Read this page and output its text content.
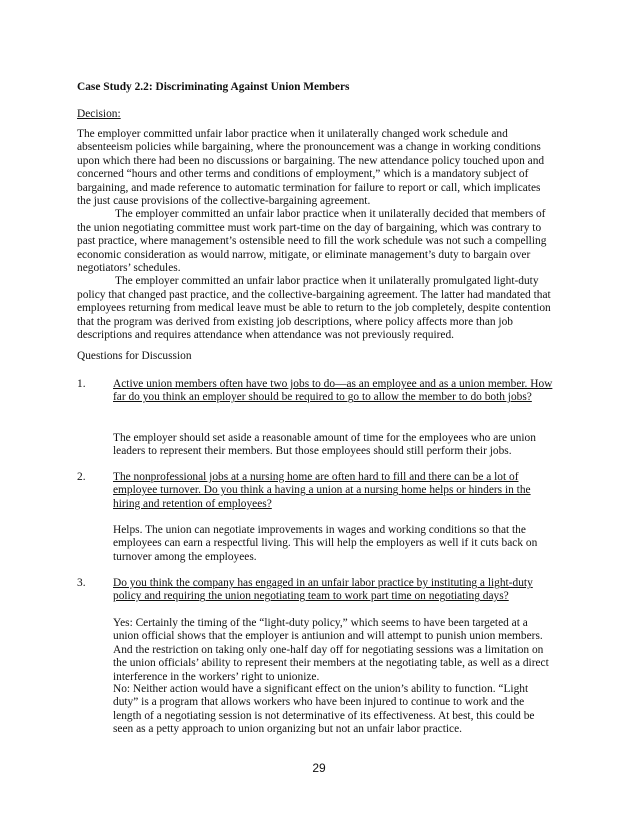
Case Study 2.2: Discriminating Against Union Members

Decision:

The employer committed unfair labor practice when it unilaterally changed work schedule and absenteeism policies while bargaining, where the pronouncement was a change in working conditions upon which there had been no discussions or bargaining. The new attendance policy touched upon and concerned “hours and other terms and conditions of employment,” which is a mandatory subject of bargaining, and made reference to automatic termination for failure to report or call, which implicates the just cause provisions of the collective-bargaining agreement.

The employer committed an unfair labor practice when it unilaterally decided that members of the union negotiating committee must work part-time on the day of bargaining, which was contrary to past practice, where management’s ostensible need to fill the work schedule was not such a compelling economic consideration as would narrow, mitigate, or eliminate management’s duty to bargain over negotiators’ schedules.

The employer committed an unfair labor practice when it unilaterally promulgated light-duty policy that changed past practice, and the collective-bargaining agreement. The latter had mandated that employees returning from medical leave must be able to return to the job completely, despite contention that the program was derived from existing job descriptions, where policy affects more than job descriptions and requires attendance when attendance was not previously required.

Questions for Discussion

1. Active union members often have two jobs to do—as an employee and as a union member. How far do you think an employer should be required to go to allow the member to do both jobs?

The employer should set aside a reasonable amount of time for the employees who are union leaders to represent their members. But those employees should still perform their jobs.

2. The nonprofessional jobs at a nursing home are often hard to fill and there can be a lot of employee turnover. Do you think a having a union at a nursing home helps or hinders in the hiring and retention of employees?

Helps. The union can negotiate improvements in wages and working conditions so that the employees can earn a respectful living. This will help the employers as well if it cuts back on turnover among the employees.

3. Do you think the company has engaged in an unfair labor practice by instituting a light-duty policy and requiring the union negotiating team to work part time on negotiating days?

Yes: Certainly the timing of the “light-duty policy,” which seems to have been targeted at a union official shows that the employer is antiunion and will attempt to punish union members. And the restriction on taking only one-half day off for negotiating sessions was a limitation on the union officials’ ability to represent their members at the negotiating table, as well as a direct interference in the workers’ right to unionize.

No: Neither action would have a significant effect on the union’s ability to function. “Light duty” is a program that allows workers who have been injured to continue to work and the length of a negotiating session is not determinative of its effectiveness. At best, this could be seen as a petty approach to union organizing but not an unfair labor practice.

29
